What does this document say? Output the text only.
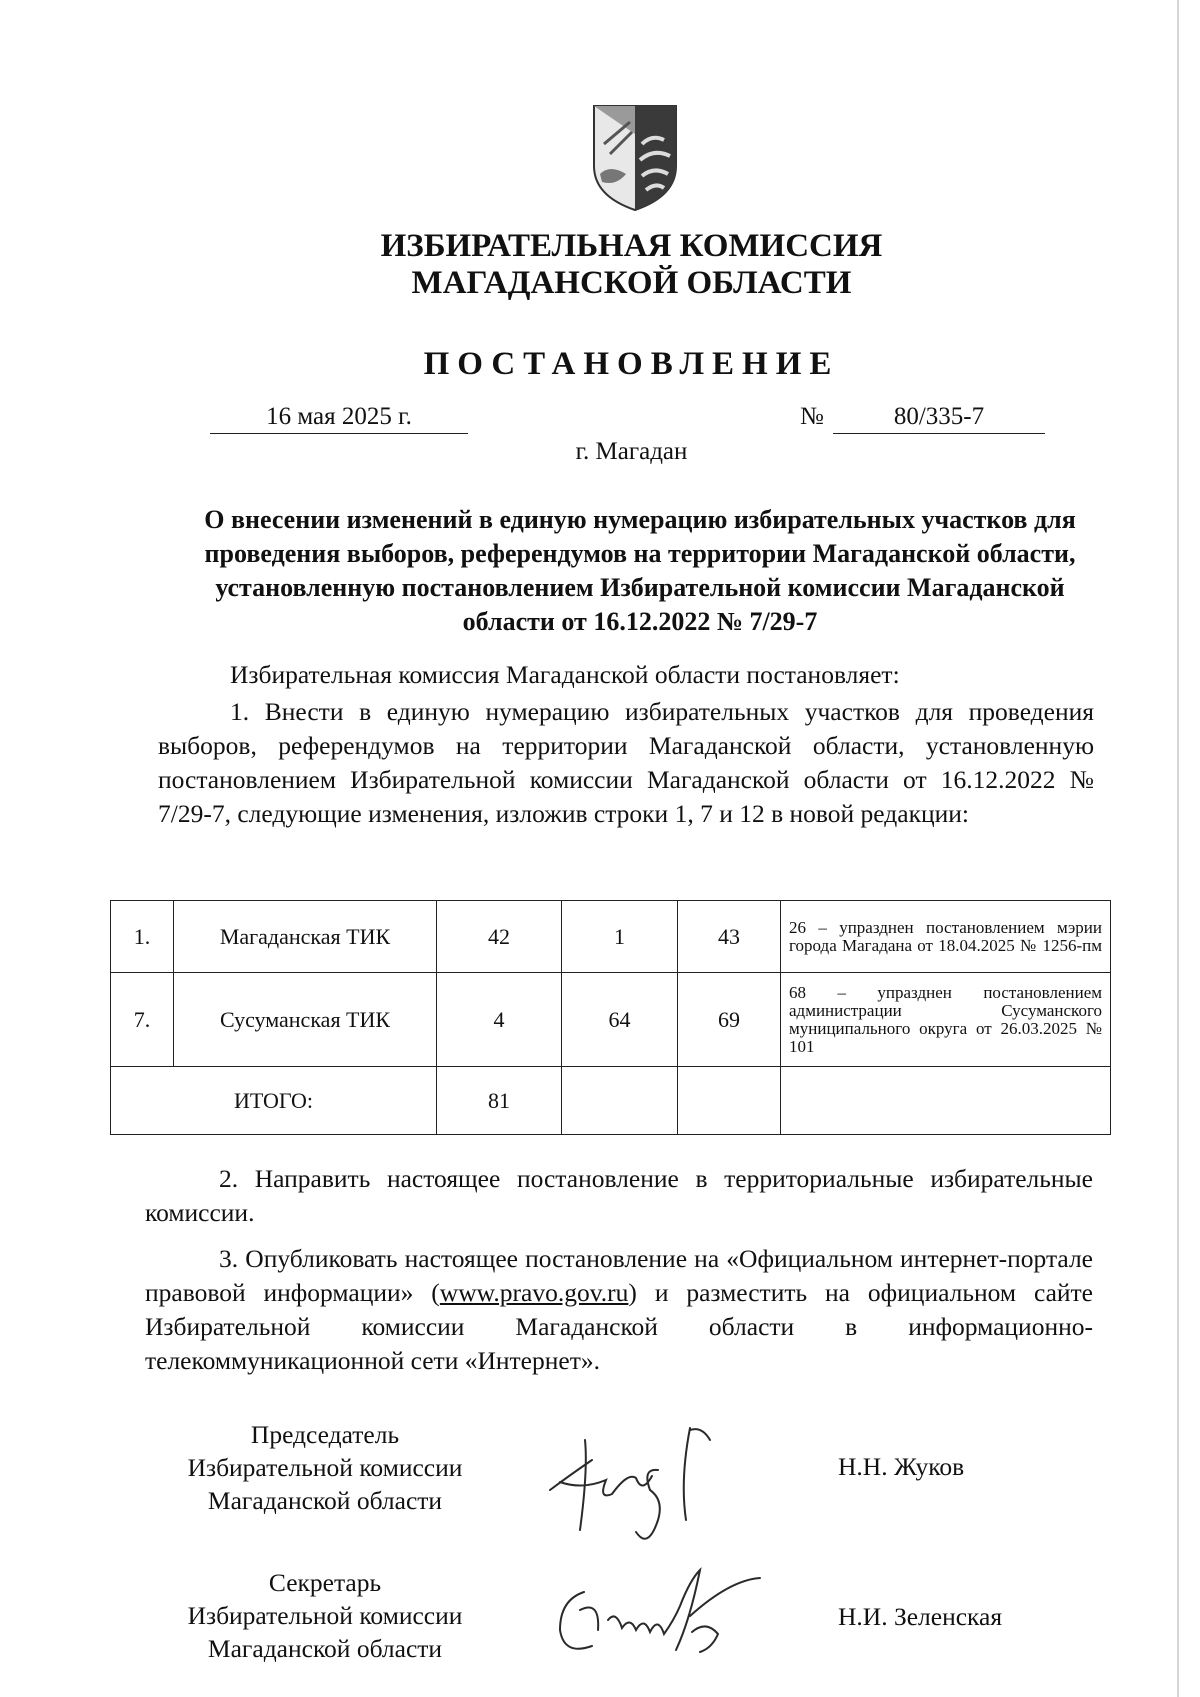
ИЗБИРАТЕЛЬНАЯ КОМИССИЯ
МАГАДАНСКОЙ ОБЛАСТИ
ПОСТАНОВЛЕНИЕ
16 мая 2025 г.	№	80/335-7
г. Магадан
О внесении изменений в единую нумерацию избирательных участков для проведения выборов, референдумов на территории Магаданской области, установленную постановлением Избирательной комиссии Магаданской области от 16.12.2022 № 7/29-7
Избирательная комиссия Магаданской области постановляет:
1. Внести в единую нумерацию избирательных участков для проведения выборов, референдумов на территории Магаданской области, установленную постановлением Избирательной комиссии Магаданской области от 16.12.2022 № 7/29-7, следующие изменения, изложив строки 1, 7 и 12 в новой редакции:
1.	Магаданская ТИК	42	1	43	26 – упразднен постановлением мэрии города Магадана от 18.04.2025 № 1256-пм
7.	Сусуманская ТИК	4	64	69	68 – упразднен постановлением администрации Сусуманского муниципального округа от 26.03.2025 № 101
ИТОГО:		81			
2. Направить настоящее постановление в территориальные избирательные комиссии.
3. Опубликовать настоящее постановление на «Официальном интернет-портале правовой информации» (www.pravo.gov.ru) и разместить на официальном сайте Избирательной комиссии Магаданской области в информационно-телекоммуникационной сети «Интернет».
Председатель
Избирательной комиссии
Магаданской области
Н.Н. Жуков
Секретарь
Избирательной комиссии
Магаданской области
Н.И. Зеленская
